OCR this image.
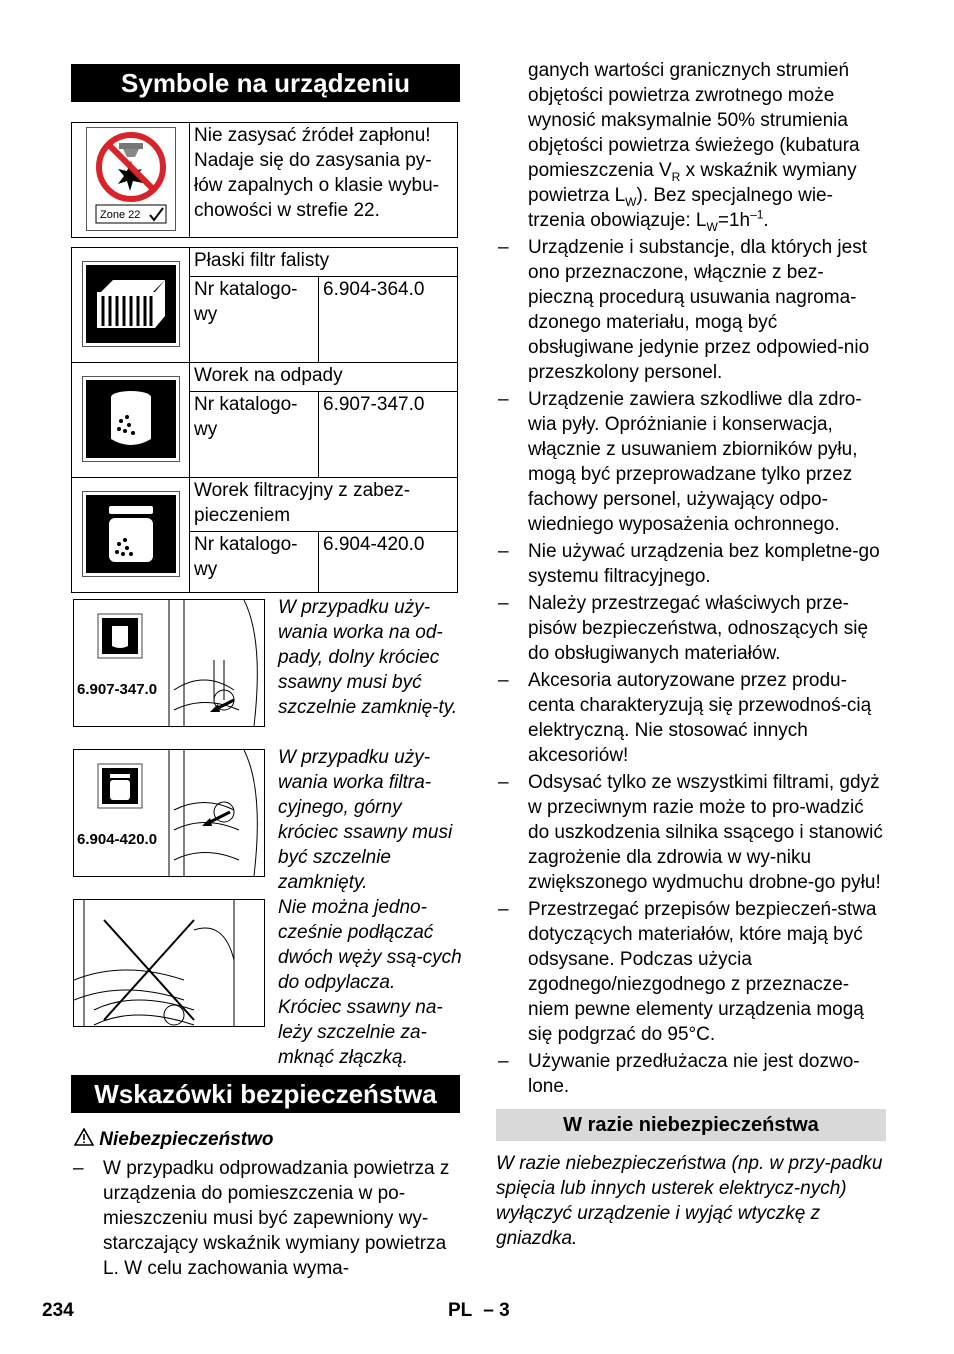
Symbole na urządzeniu
Zone 22
	Nie zasysać źródeł zapłonu! Nadaje się do zasysania py-łów zapalnych o klasie wybu-chowości w strefie 22.
	Płaski filtr falisty	
	Nr katalogo-wy	6.904-364.0

	Worek na odpady	
	Nr katalogo-wy	6.907-347.0

	Worek filtracyjny z zabez-pieczeniem	
	Nr katalogo-wy	6.904-420.0
6.907-347.0
W przypadku uży-wania worka na od-pady, dolny króciec ssawny musi być szczelnie zamknię-ty.
6.904-420.0
W przypadku uży-wania worka filtra-cyjnego, górny króciec ssawny musi być szczelnie zamknięty.
Nie można jedno-cześnie podłączać dwóch węży ssą-cych do odpylacza. Króciec ssawny na-leży szczelnie za-mknąć złączką.
Wskazówki bezpieczeństwa
Niebezpieczeństwo
– W przypadku odprowadzania powietrza z urządzenia do pomieszczenia w po-mieszczeniu musi być zapewniony wy-starczający wskaźnik wymiany powietrza L. W celu zachowania wyma-
ganych wartości granicznych strumień objętości powietrza zwrotnego może wynosić maksymalnie 50% strumienia objętości powietrza świeżego (kubatura pomieszczenia $V_R$ x wskaźnik wymiany powietrza $L_W$). Bez specjalnego wie-trzenia obowiązuje: $L_W=1h^{-1}$.
– Urządzenie i substancje, dla których jest ono przeznaczone, włącznie z bez-pieczną procedurą usuwania nagroma-dzonego materiału, mogą być obsługiwane jedynie przez odpowied-nio przeszkolony personel.
– Urządzenie zawiera szkodliwe dla zdro-wia pyły. Opróżnianie i konserwacja, włącznie z usuwaniem zbiorników pyłu, mogą być przeprowadzane tylko przez fachowy personel, używający odpo-wiedniego wyposażenia ochronnego.
– Nie używać urządzenia bez kompletne-go systemu filtracyjnego.
– Należy przestrzegać właściwych prze-pisów bezpieczeństwa, odnoszących się do obsługiwanych materiałów.
– Akcesoria autoryzowane przez produ-centa charakteryzują się przewodnoś-cią elektryczną. Nie stosować innych akcesoriów!
– Odsysać tylko ze wszystkimi filtrami, gdyż w przeciwnym razie może to pro-wadzić do uszkodzenia silnika ssącego i stanowić zagrożenie dla zdrowia w wy-niku zwiększonego wydmuchu drobne-go pyłu!
– Przestrzegać przepisów bezpieczeń-stwa dotyczących materiałów, które mają być odsysane. Podczas użycia zgodnego/niezgodnego z przeznacze-niem pewne elementy urządzenia mogą się podgrzać do 95°C.
– Używanie przedłużacza nie jest dozwo-lone.
W razie niebezpieczeństwa
W razie niebezpieczeństwa (np. w przy-padku spięcia lub innych usterek elektrycz-nych) wyłączyć urządzenie i wyjąć wtyczkę z gniazdka.
234	PL – 3
